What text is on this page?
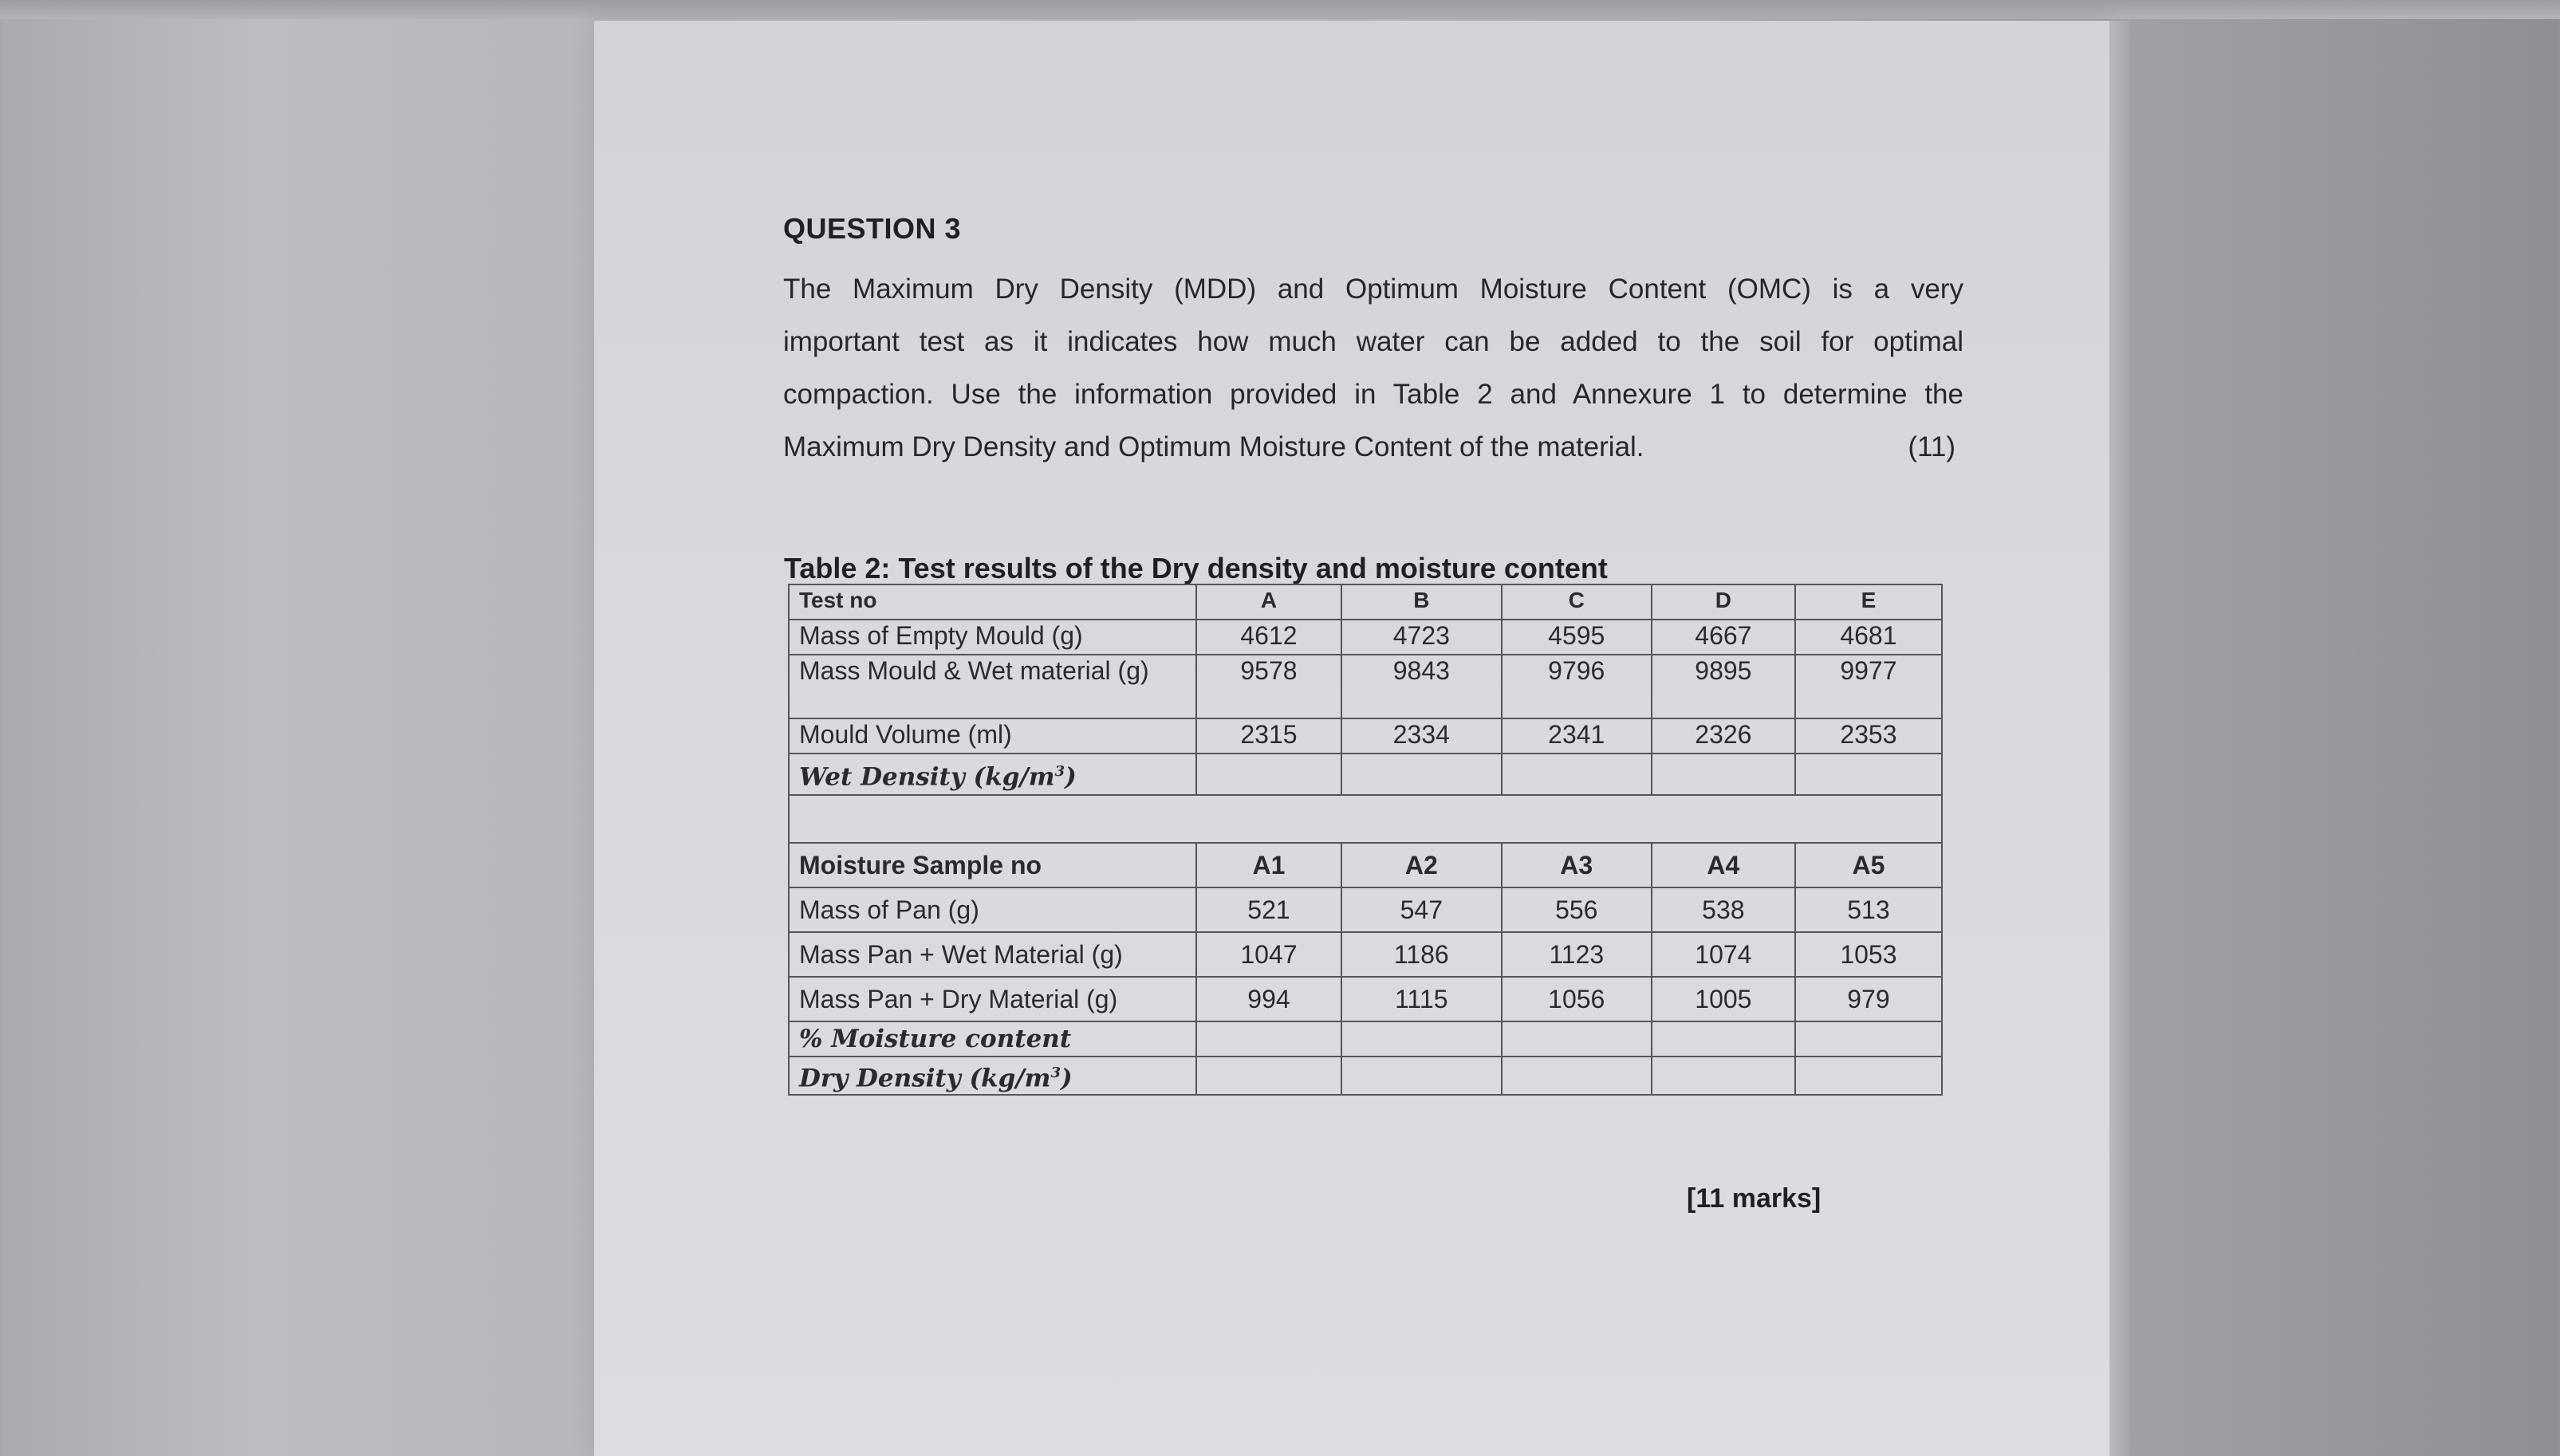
QUESTION 3
The Maximum Dry Density (MDD) and Optimum Moisture Content (OMC) is a very
important test as it indicates how much water can be added to the soil for optimal
compaction. Use the information provided in Table 2 and Annexure 1 to determine the
Maximum Dry Density and Optimum Moisture Content of the material.	(11)
Table 2: Test results of the Dry density and moisture content
Test no	A	B	C	D	E
Mass of Empty Mould (g)	4612	4723	4595	4667	4681
Mass Mould & Wet material (g)	9578	9843	9796	9895	9977
Mould Volume (ml)	2315	2334	2341	2326	2353
Wet Density $(kg/m^3)$					

Moisture Sample no	A1	A2	A3	A4	A5
Mass of Pan (g)	521	547	556	538	513
Mass Pan + Wet Material (g)	1047	1186	1123	1074	1053
Mass Pan + Dry Material (g)	994	1115	1056	1005	979
% Moisture content					
Dry Density $(kg/m^3)$					
[11 marks]
